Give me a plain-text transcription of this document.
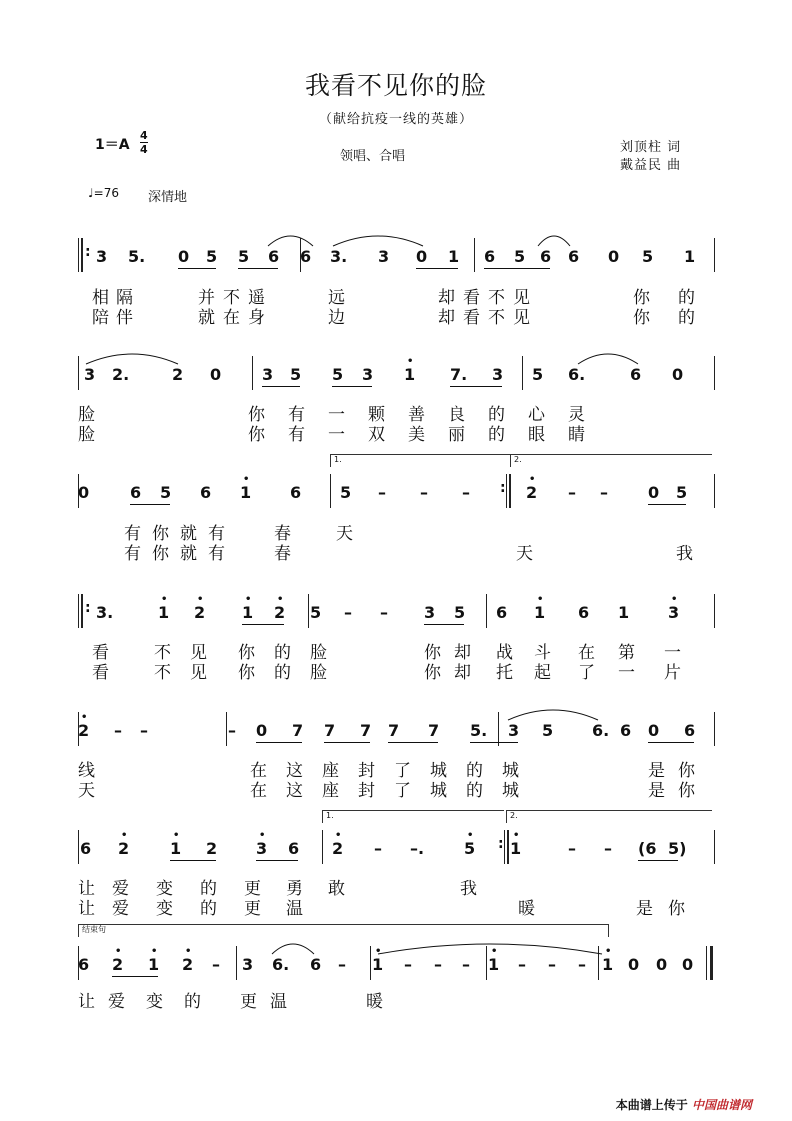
我看不见你的脸
（献给抗疫一线的英雄）
1＝A
4
4	领唱、合唱
刘顶柱 词
戴益民 曲
♩=76 深情地
: 3 5. 0 5 5 6 6 3. 3 0 1 6 5 6 6 0 5 1
相 隔	并 不 遥	远	却 看 不 见	你 的
陪 伴	就 在 身	边	却 看 不 见	你 的
3 2.	2 0	3 5 5 3 1
•
7. 3 5 6.	6 0
脸	你 有 一 颗 善 良 的 心 灵
脸	你 有 一 双 美 丽 的 眼 睛
:
0	6 5 6 1
•
6 5 – – –	2
•
– –	0 5
1.	2.
有 你 就 有	春	天
有 你 就 有	春	天	我
: 3.	1
•
2
•
1
•
2
•
5 – – 3 5 6 1
•
6 1 3
•
看	不 见 你 的 脸	你 却 战 斗 在 第 一
看	不 见 你 的 脸	你 却 托 起 了 一 片
2
•
– –	– 0 7 7 7 7 7 5. 3 5 6. 6 0 6
线	在 这 座 封 了 城 的 城	是 你
天	在 这 座 封 了 城 的 城	是 你
:
6 2
•
1
•
2 3
•
6 2
•
– –. 5
•
1
•
– – (6 5)
1.	2.
让 爱 变 的 更 勇 敢	我
让 爱 变 的 更 温	暖	是 你
6 2
•
1
•
2
•
– 3 6. 6 – 1
•
– – – 1
•
– – – 1
•
0 0 0
结束句
让 爱 变 的 更 温	暖
本曲谱上传于 中国曲谱网
